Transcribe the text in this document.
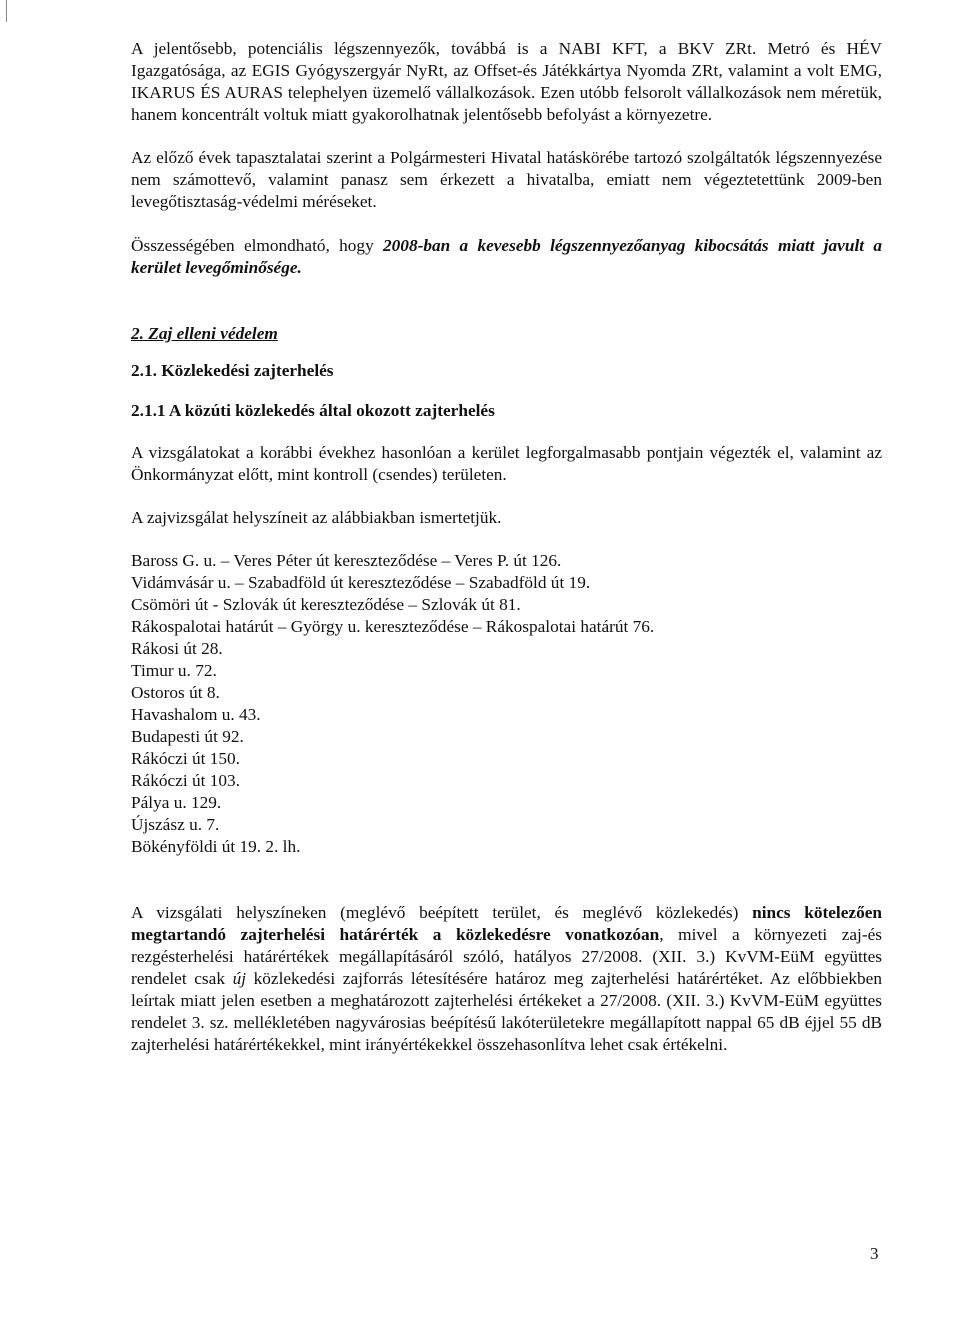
A jelentősebb, potenciális légszennyezők, továbbá is a NABI KFT, a BKV ZRt. Metró és HÉV Igazgatósága, az EGIS Gyógyszergyár NyRt, az Offset-és Játékkártya Nyomda ZRt, valamint a volt EMG, IKARUS ÉS AURAS telephelyen üzemelő vállalkozások. Ezen utóbb felsorolt vállalkozások nem méretük, hanem koncentrált voltuk miatt gyakorolhatnak jelentősebb befolyást a környezetre.

Az előző évek tapasztalatai szerint a Polgármesteri Hivatal hatáskörébe tartozó szolgáltatók légszennyezése nem számottevő, valamint panasz sem érkezett a hivatalba, emiatt nem végeztetettünk 2009-ben levegőtisztaság-védelmi méréseket.

Összességében elmondható, hogy 2008-ban a kevesebb légszennyezőanyag kibocsátás miatt javult a kerület levegőminősége.

2. Zaj elleni védelem

2.1. Közlekedési zajterhelés

2.1.1 A közúti közlekedés által okozott zajterhelés

A vizsgálatokat a korábbi évekhez hasonlóan a kerület legforgalmasabb pontjain végezték el, valamint az Önkormányzat előtt, mint kontroll (csendes) területen.

A zajvizsgálat helyszíneit az alábbiakban ismertetjük.

Baross G. u. – Veres Péter út kereszteződése – Veres P. út 126.
Vidámvásár u. – Szabadföld út kereszteződése – Szabadföld út 19.
Csömöri út - Szlovák út kereszteződése – Szlovák út 81.
Rákospalotai határút – György u. kereszteződése – Rákospalotai határút 76.
Rákosi út 28.
Timur u. 72.
Ostoros út 8.
Havashalom u. 43.
Budapesti út 92.
Rákóczi út 150.
Rákóczi út 103.
Pálya u. 129.
Újszász u. 7.
Bökényföldi út 19. 2. lh.

A vizsgálati helyszíneken (meglévő beépített terület, és meglévő közlekedés) nincs kötelezően megtartandó zajterhelési határérték a közlekedésre vonatkozóan, mivel a környezeti zaj-és rezgésterhelési határértékek megállapításáról szóló, hatályos 27/2008. (XII. 3.) KvVM-EüM együttes rendelet csak új közlekedési zajforrás létesítésére határoz meg zajterhelési határértéket. Az előbbiekben leírtak miatt jelen esetben a meghatározott zajterhelési értékeket a 27/2008. (XII. 3.) KvVM-EüM együttes rendelet 3. sz. mellékletében nagyvárosias beépítésű lakóterületekre megállapított nappal 65 dB éjjel 55 dB zajterhelési határértékekkel, mint irányértékekkel összehasonlítva lehet csak értékelni.

3
